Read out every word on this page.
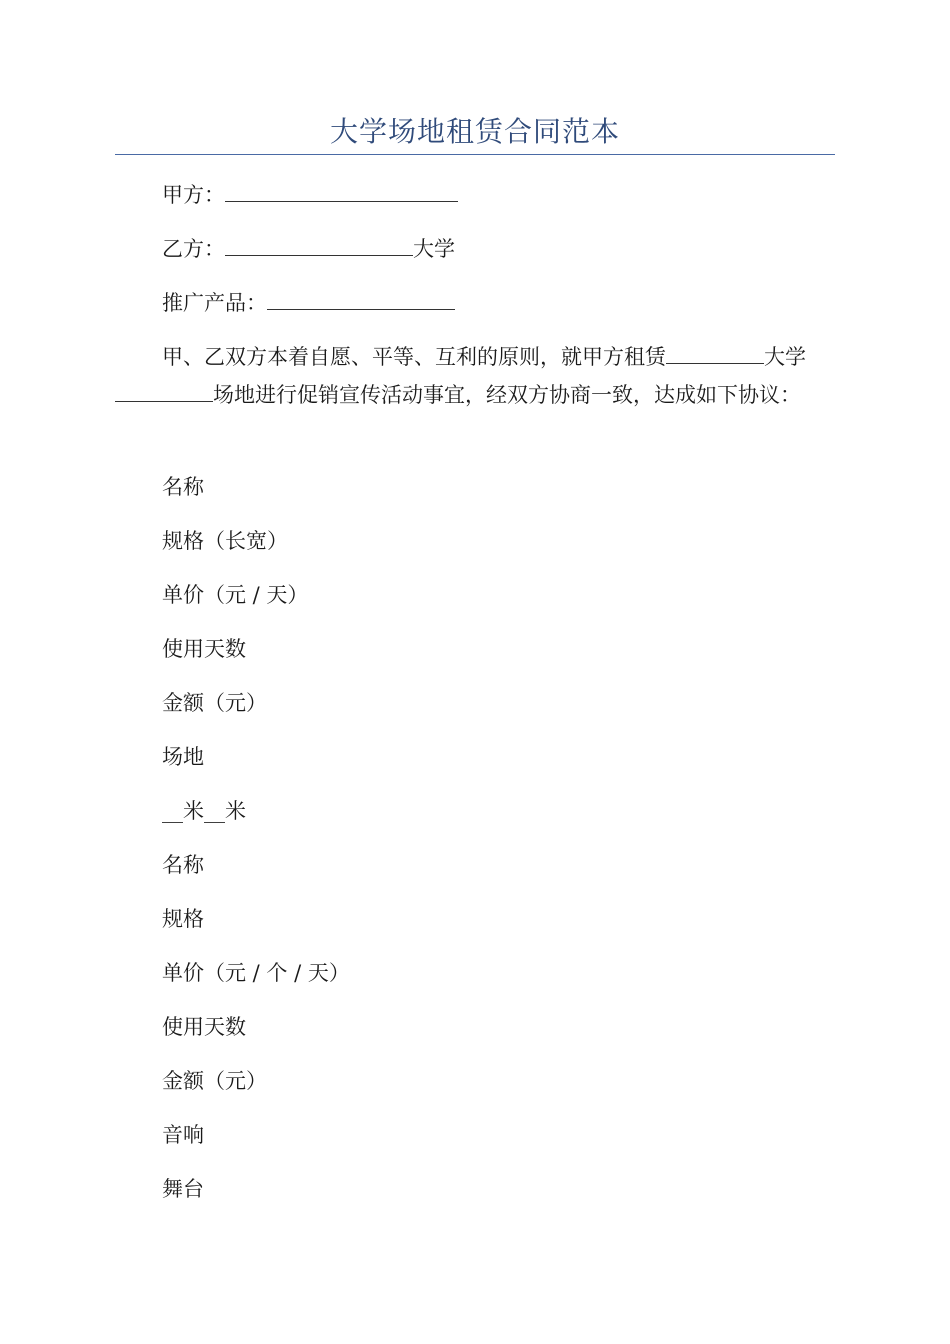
大学场地租赁合同范本
甲方：
乙方：	大学
推广产品：

甲、乙双方本着自愿、平等、互利的原则，就甲方租赁	大学场地进行促销宣传活动事宜，经双方协商一致，达成如下协议：

名称
规格（长宽）
单价（元 / 天）
使用天数
金额（元）
场地
__米__米
名称
规格
单价（元 / 个 / 天）
使用天数
金额（元）
音响
舞台
